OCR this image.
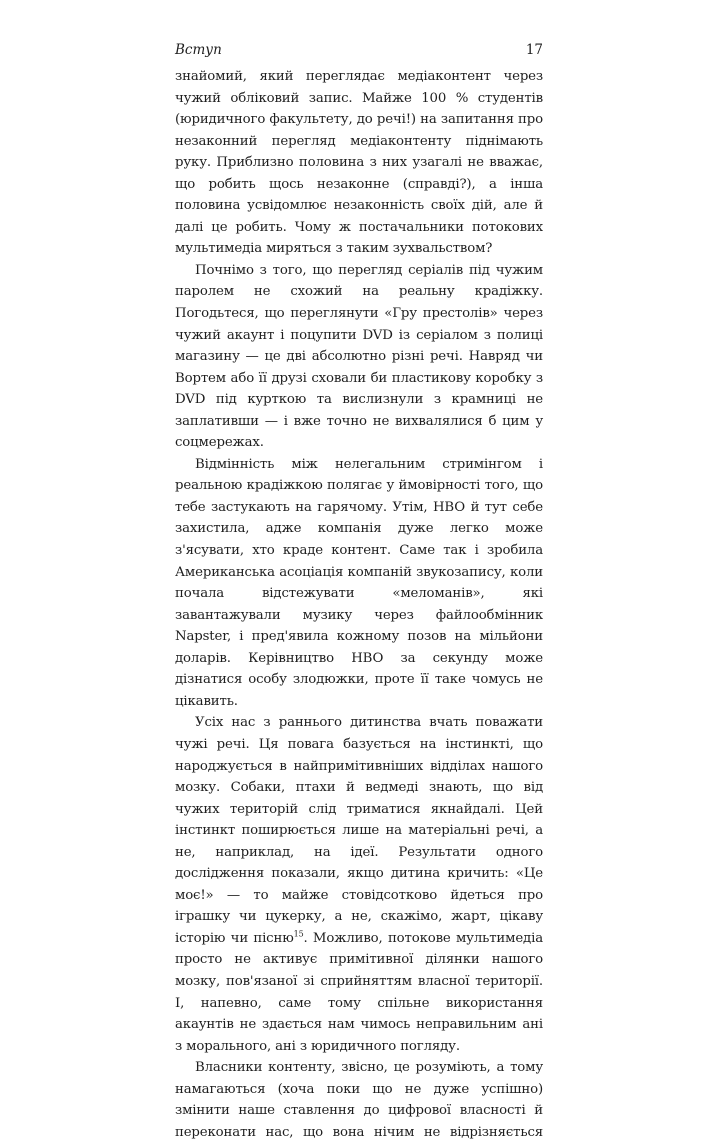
Вступ	17

знайомий, який переглядає медіаконтент через чужий обліковий запис. Майже 100 % студентів (юридичного факультету, до речі!) на запитання про незаконний перегляд медіаконтенту піднімають руку. Приблизно половина з них узагалі не вважає, що робить щось незаконне (справді?), а інша половина усвідомлює незаконність своїх дій, але й далі це робить. Чому ж постачальники потокових мультимедіа миряться з таким зухвальством?

Почнімо з того, що перегляд серіалів під чужим паролем не схожий на реальну крадіжку. Погодьтеся, що переглянути «Гру престолів» через чужий акаунт і поцупити DVD із серіалом з полиці магазину — це дві абсолютно різні речі. Навряд чи Вортем або її друзі сховали би пластикову коробку з DVD під курткою та вислизнули з крамниці не заплативши — і вже точно не вихвалялися б цим у соцмережах.

Відмінність між нелегальним стримінгом і реальною крадіжкою полягає у ймовірності того, що тебе застукають на гарячому. Утім, HBO й тут себе захистила, адже компанія дуже легко може з'ясувати, хто краде контент. Саме так і зробила Американська асоціація компаній звукозапису, коли почала відстежувати «меломанів», які завантажували музику через файлообмінник Napster, і пред'явила кожному позов на мільйони доларів. Керівництво HBO за секунду може дізнатися особу злодюжки, проте її таке чомусь не цікавить.

Усіх нас з раннього дитинства вчать поважати чужі речі. Ця повага базується на інстинкті, що народжується в найпримітивніших відділах нашого мозку. Собаки, птахи й ведмеді знають, що від чужих територій слід триматися якнайдалі. Цей інстинкт поширюється лише на матеріальні речі, а не, наприклад, на ідеї. Результати одного дослідження показали, якщо дитина кричить: «Це моє!» — то майже стовідсотково йдеться про іграшку чи цукерку, а не, скажімо, жарт, цікаву історію чи пісню$^{15}$. Можливо, потокове мультимедіа просто не активує примітивної ділянки нашого мозку, пов'язаної зі сприйняттям власної території. І, напевно, саме тому спільне використання акаунтів не здається нам чимось неправильним ані з морального, ані з юридичного погляду.

Власники контенту, звісно, це розуміють, а тому намагаються (хоча поки що не дуже успішно) змінити наше ставлення до цифрової власності й переконати нас, що вона нічим не відрізняється
